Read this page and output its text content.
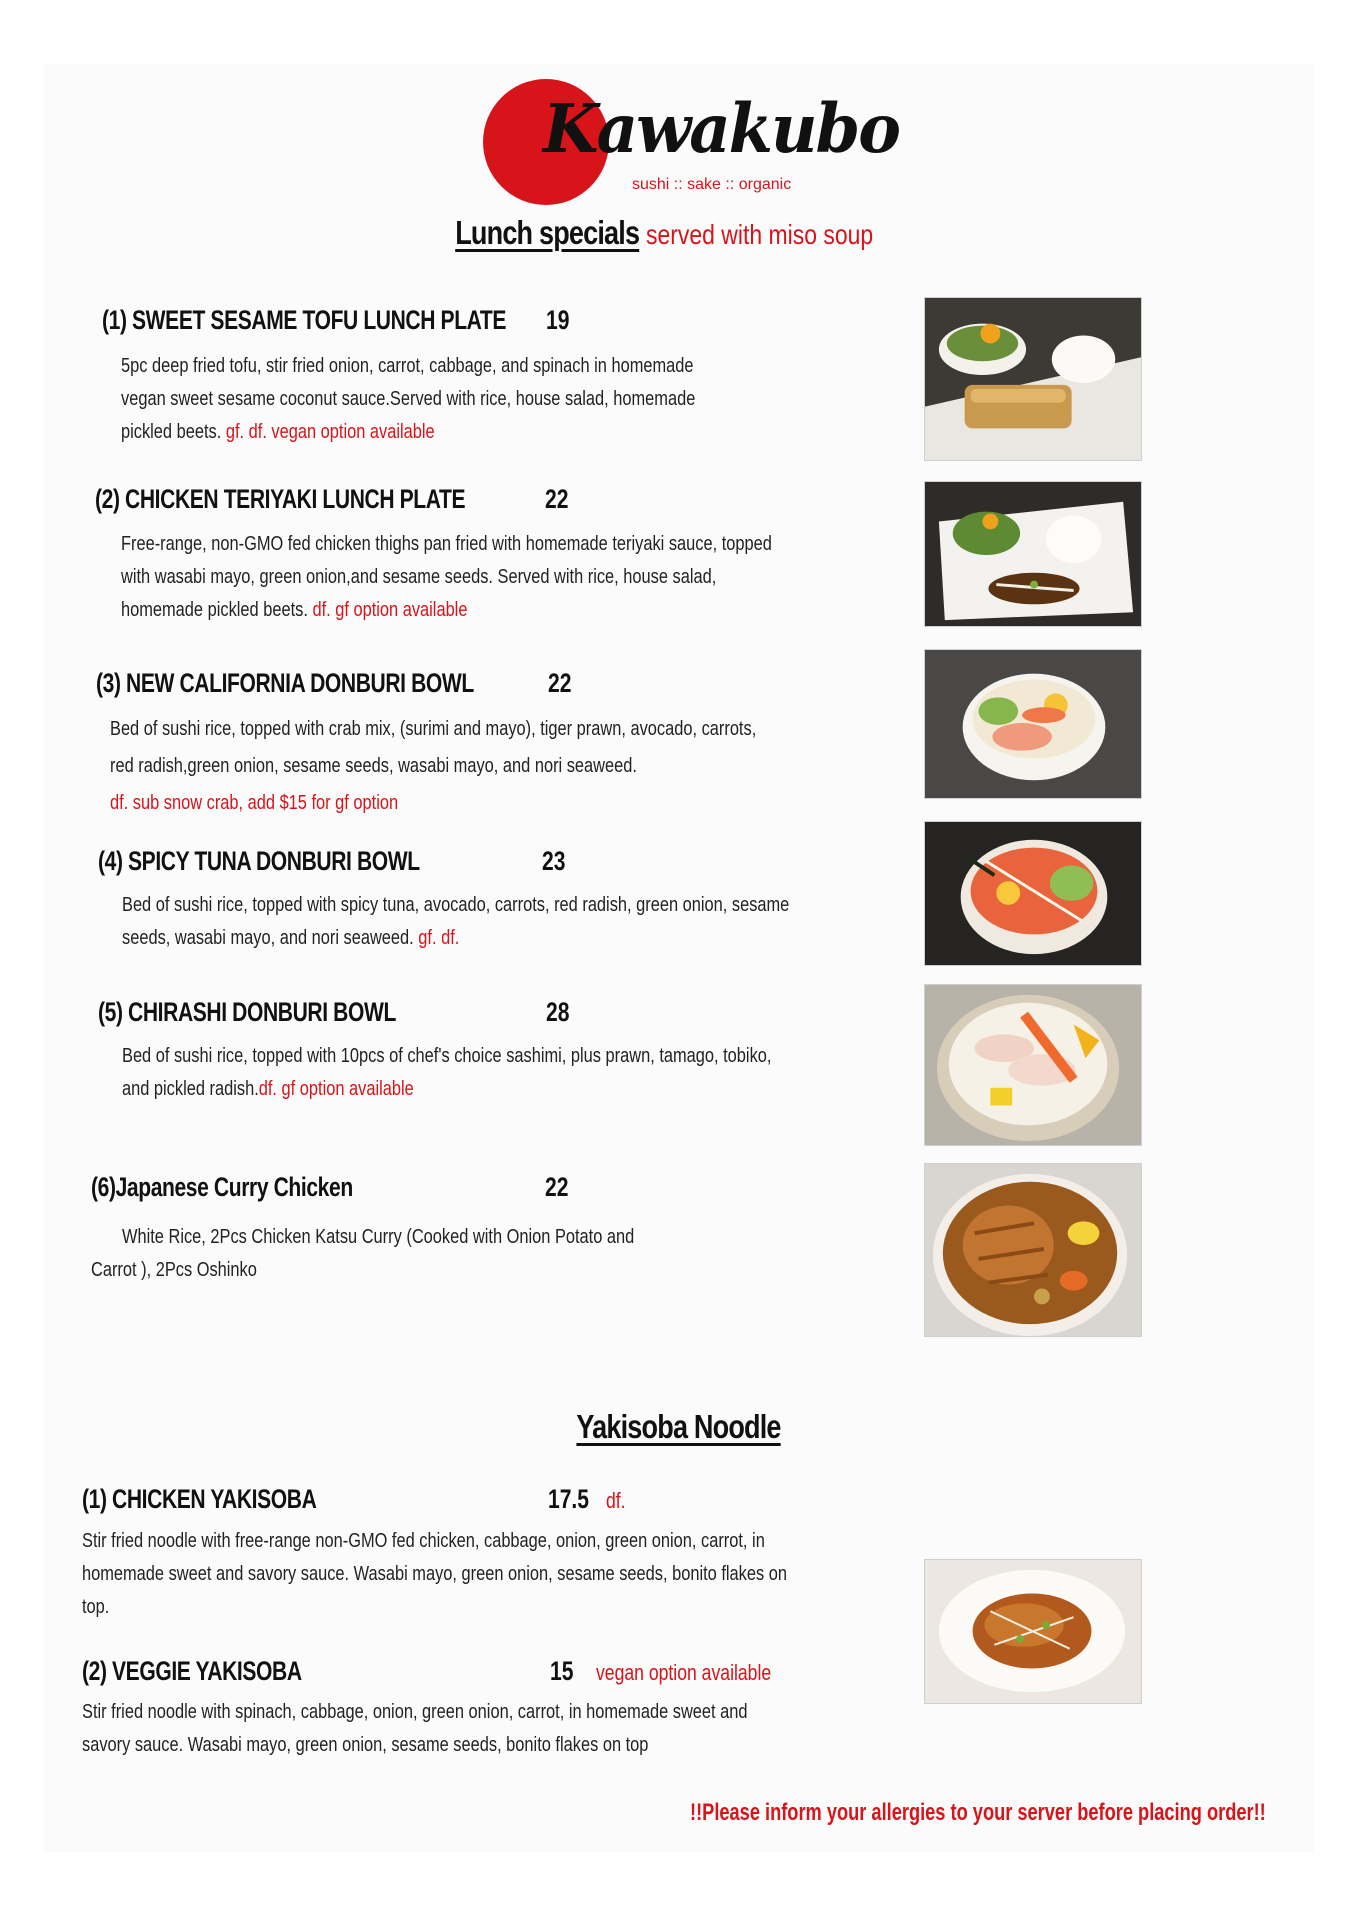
Kawakubo
sushi :: sake :: organic
Lunch specials served with miso soup
(1) SWEET SESAME TOFU LUNCH PLATE 19
5pc deep fried tofu, stir fried onion, carrot, cabbage, and spinach in homemade
vegan sweet sesame coconut sauce.Served with rice, house salad, homemade
pickled beets. gf. df. vegan option available
(2) CHICKEN TERIYAKI LUNCH PLATE	22
Free-range, non-GMO fed chicken thighs pan fried with homemade teriyaki sauce, topped
with wasabi mayo, green onion,and sesame seeds. Served with rice, house salad,
homemade pickled beets. df. gf option available
(3) NEW CALIFORNIA DONBURI BOWL	22
Bed of sushi rice, topped with crab mix, (surimi and mayo), tiger prawn, avocado, carrots,
red radish,green onion, sesame seeds, wasabi mayo, and nori seaweed.
df. sub snow crab, add $15 for gf option
(4) SPICY TUNA DONBURI BOWL	23
Bed of sushi rice, topped with spicy tuna, avocado, carrots, red radish, green onion, sesame
seeds, wasabi mayo, and nori seaweed. gf. df.
(5) CHIRASHI DONBURI BOWL	28
Bed of sushi rice, topped with 10pcs of chef's choice sashimi, plus prawn, tamago, tobiko,
and pickled radish.df. gf option available
(6)Japanese Curry Chicken	22
White Rice, 2Pcs Chicken Katsu Curry (Cooked with Onion Potato and
Carrot ), 2Pcs Oshinko
Yakisoba Noodle
(1) CHICKEN YAKISOBA	17.5 df.
Stir fried noodle with free-range non-GMO fed chicken, cabbage, onion, green onion, carrot, in
homemade sweet and savory sauce. Wasabi mayo, green onion, sesame seeds, bonito flakes on
top.
(2) VEGGIE YAKISOBA	15 vegan option available
Stir fried noodle with spinach, cabbage, onion, green onion, carrot, in homemade sweet and
savory sauce. Wasabi mayo, green onion, sesame seeds, bonito flakes on top
!!Please inform your allergies to your server before placing order!!
